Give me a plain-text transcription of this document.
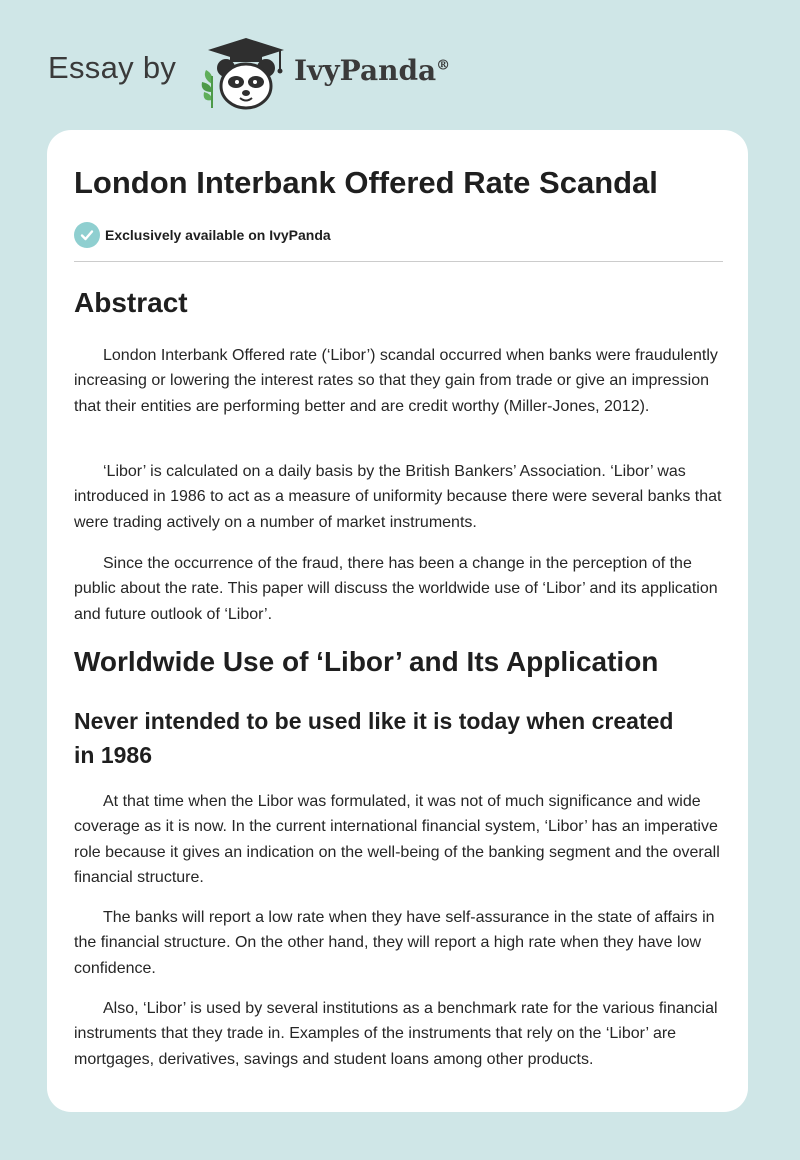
Essay by	IvyPanda®
London Interbank Offered Rate Scandal
Exclusively available on IvyPanda
Abstract

London Interbank Offered rate (‘Libor’) scandal occurred when banks were fraudulently increasing or lowering the interest rates so that they gain from trade or give an impression that their entities are performing better and are credit worthy (Miller-Jones, 2012).

‘Libor’ is calculated on a daily basis by the British Bankers’ Association. ‘Libor’ was introduced in 1986 to act as a measure of uniformity because there were several banks that were trading actively on a number of market instruments.

Since the occurrence of the fraud, there has been a change in the perception of the public about the rate. This paper will discuss the worldwide use of ‘Libor’ and its application and future outlook of ‘Libor’.

Worldwide Use of ‘Libor’ and Its Application
Never intended to be used like it is today when created in 1986

At that time when the Libor was formulated, it was not of much significance and wide coverage as it is now. In the current international financial system, ‘Libor’ has an imperative role because it gives an indication on the well-being of the banking segment and the overall financial structure.

The banks will report a low rate when they have self-assurance in the state of affairs in the financial structure. On the other hand, they will report a high rate when they have low confidence.

Also, ‘Libor’ is used by several institutions as a benchmark rate for the various financial instruments that they trade in. Examples of the instruments that rely on the ‘Libor’ are mortgages, derivatives, savings and student loans among other products.
